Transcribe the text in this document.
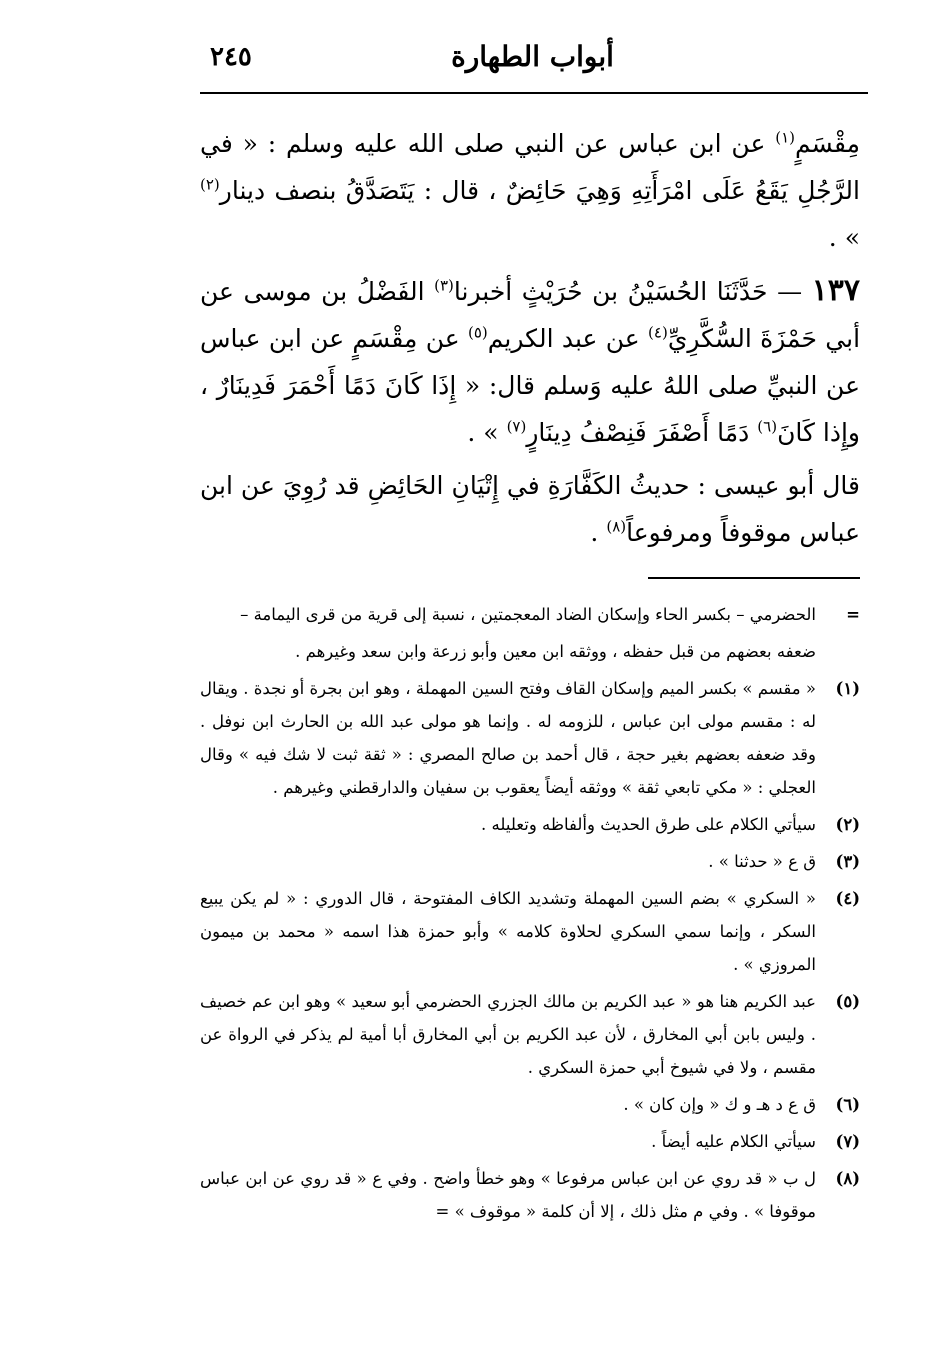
٢٤٥	أبواب الطهارة

مِقْسَمٍ$^{(١)}$ عن ابن عباس عن النبي صلى الله عليه وسلم : « في الرَّجُلِ يَقَعُ عَلَى امْرَأَتِهِ وَهِيَ حَائِضٌ ، قال : يَتَصَدَّقُ بنصف دينار$^{(٢)}$ » .

١٣٧ — حَدَّثَنَا الحُسَيْنُ بن حُرَيْثٍ أخبرنا$^{(٣)}$ الفَضْلُ بن موسى عن أبي حَمْزَةَ السُّكَّرِيِّ$^{(٤)}$ عن عبد الكريم$^{(٥)}$ عن مِقْسَمٍ عن ابن عباس عن النبيِّ صلى اللهُ عليه وَسلم قال: « إِذَا كَانَ دَمًا أَحْمَرَ فَدِينَارٌ ، وإِذا كَانَ$^{(٦)}$ دَمًا أَصْفَرَ فَنِصْفُ دِينَارٍ$^{(٧)}$ » .

قال أبو عيسى : حديثُ الكَفَّارَةِ في إِتْيَانِ الحَائِضِ قد رُوِيَ عن ابن عباس موقوفاً ومرفوعاً$^{(٨)}$ .

=
الحضرمي – بكسر الحاء وإسكان الضاد المعجمتين ، نسبة إلى قرية من قرى اليمامة –
ضعفه بعضهم من قبل حفظه ، ووثقه ابن معين وأبو زرعة وابن سعد وغيرهم .
(١)
« مقسم » بكسر الميم وإسكان القاف وفتح السين المهملة ، وهو ابن بجرة أو نجدة . ويقال له : مقسم مولى ابن عباس ، للزومه له . وإنما هو مولى عبد الله بن الحارث ابن نوفل . وقد ضعفه بعضهم بغير حجة ، قال أحمد بن صالح المصري : « ثقة ثبت لا شك فيه » وقال العجلي : « مكي تابعي ثقة » ووثقه أيضاً يعقوب بن سفيان والدارقطني وغيرهم .
(٢)
سيأتي الكلام على طرق الحديث وألفاظه وتعليله .
(٣)
ق ع « حدثنا » .
(٤)
« السكري » بضم السين المهملة وتشديد الكاف المفتوحة ، قال الدوري : « لم يكن يبيع السكر ، وإنما سمي السكري لحلاوة كلامه » وأبو حمزة هذا اسمه « محمد بن ميمون المروزي » .
(٥)
عبد الكريم هنا هو « عبد الكريم بن مالك الجزري الحضرمي أبو سعيد » وهو ابن عم خصيف . وليس بابن أبي المخارق ، لأن عبد الكريم بن أبي المخارق أبا أمية لم يذكر في الرواة عن مقسم ، ولا في شيوخ أبي حمزة السكري .
(٦)
ق ع د هـ و ك « وإن كان » .
(٧)
سيأتي الكلام عليه أيضاً .
(٨)
ل ب « قد روي عن ابن عباس مرفوعا » وهو خطأ واضح . وفي ع « قد روي عن ابن عباس موقوفا » . وفي م مثل ذلك ، إلا أن كلمة « موقوف » =
